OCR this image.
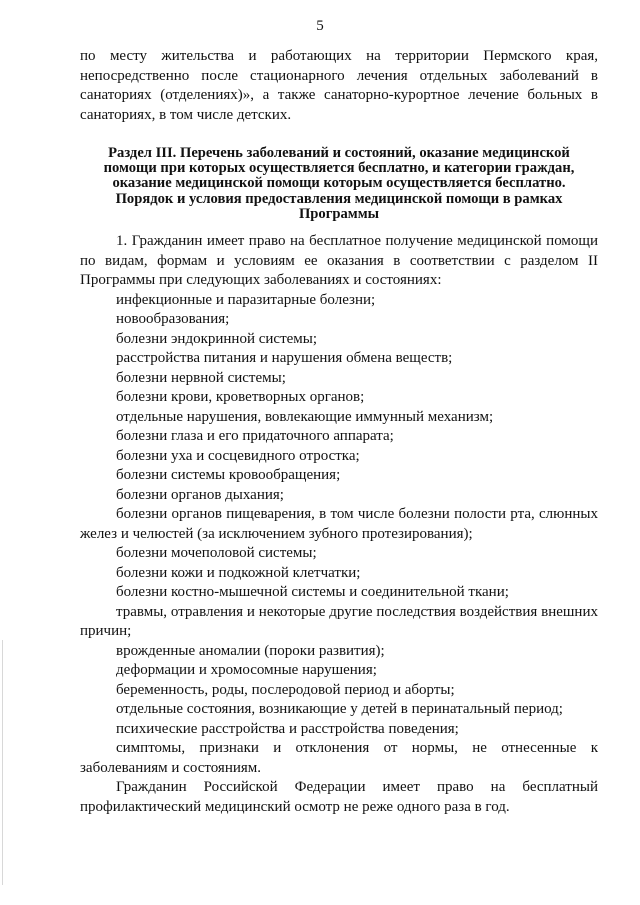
5
по месту жительства и работающих на территории Пермского края, непосредственно после стационарного лечения отдельных заболеваний в санаториях (отделениях)», а также санаторно-курортное лечение больных в санаториях, в том числе детских.
Раздел III. Перечень заболеваний и состояний, оказание медицинской
помощи при которых осуществляется бесплатно, и категории граждан,
оказание медицинской помощи которым осуществляется бесплатно.
Порядок и условия предоставления медицинской помощи в рамках
Программы

1. Гражданин имеет право на бесплатное получение медицинской помощи по видам, формам и условиям ее оказания в соответствии с разделом II Программы при следующих заболеваниях и состояниях:

инфекционные и паразитарные болезни;
новообразования;
болезни эндокринной системы;
расстройства питания и нарушения обмена веществ;
болезни нервной системы;
болезни крови, кроветворных органов;
отдельные нарушения, вовлекающие иммунный механизм;
болезни глаза и его придаточного аппарата;
болезни уха и сосцевидного отростка;
болезни системы кровообращения;
болезни органов дыхания;
болезни органов пищеварения, в том числе болезни полости рта, слюнных желез и челюстей (за исключением зубного протезирования);
болезни мочеполовой системы;
болезни кожи и подкожной клетчатки;
болезни костно-мышечной системы и соединительной ткани;
травмы, отравления и некоторые другие последствия воздействия внешних причин;
врожденные аномалии (пороки развития);
деформации и хромосомные нарушения;
беременность, роды, послеродовой период и аборты;
отдельные состояния, возникающие у детей в перинатальный период;
психические расстройства и расстройства поведения;
симптомы, признаки и отклонения от нормы, не отнесенные к заболеваниям и состояниям.

Гражданин Российской Федерации имеет право на бесплатный профилактический медицинский осмотр не реже одного раза в год.
